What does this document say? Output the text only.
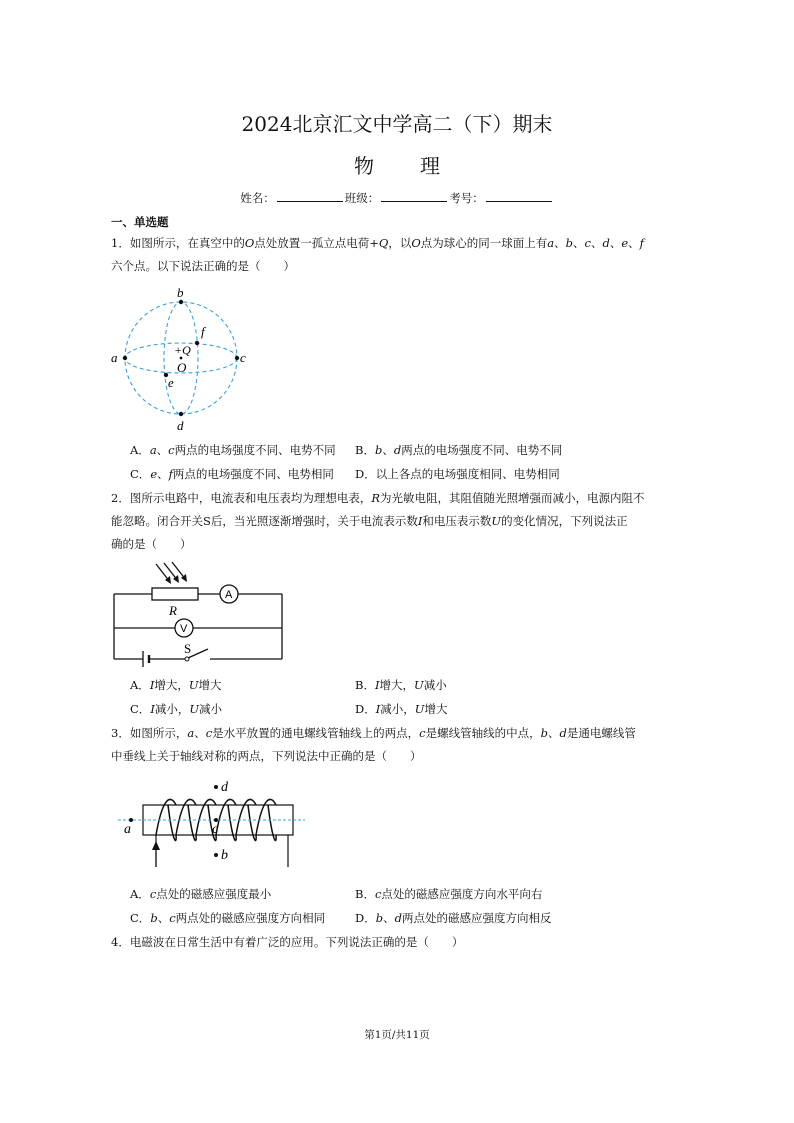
2024北京汇文中学高二（下）期末
物 理
姓名：	班级：	考号：
一、单选题
1．如图所示，在真空中的O点处放置一孤立点电荷+Q，以O点为球心的同一球面上有a、b、c、d、e、f
六个点。以下说法正确的是（　　）
b
f
+Q
O
a	c
e
d
A．a、c两点的电场强度不同、电势不同 B．b、d两点的电场强度不同、电势不同
C．e、f两点的电场强度不同、电势相同 D．以上各点的电场强度相同、电势相同
2．图所示电路中，电流表和电压表均为理想电表，R为光敏电阻，其阻值随光照增强而减小，电源内阻不
能忽略。闭合开关S后，当光照逐渐增强时，关于电流表示数I和电压表示数U的变化情况，下列说法正
确的是（　　）
A
V
R
S
A．I增大，U增大	B．I增大，U减小
C．I减小，U减小	D．I减小，U增大
3．如图所示，a、c是水平放置的通电螺线管轴线上的两点，c是螺线管轴线的中点，b、d是通电螺线管
中垂线上关于轴线对称的两点，下列说法中正确的是（　　）
d
a	c
b
A．c点处的磁感应强度最小	B．c点处的磁感应强度方向水平向右
C．b、c两点处的磁感应强度方向相同	D．b、d两点处的磁感应强度方向相反
4．电磁波在日常生活中有着广泛的应用。下列说法正确的是（　　）
第1页/共11页
